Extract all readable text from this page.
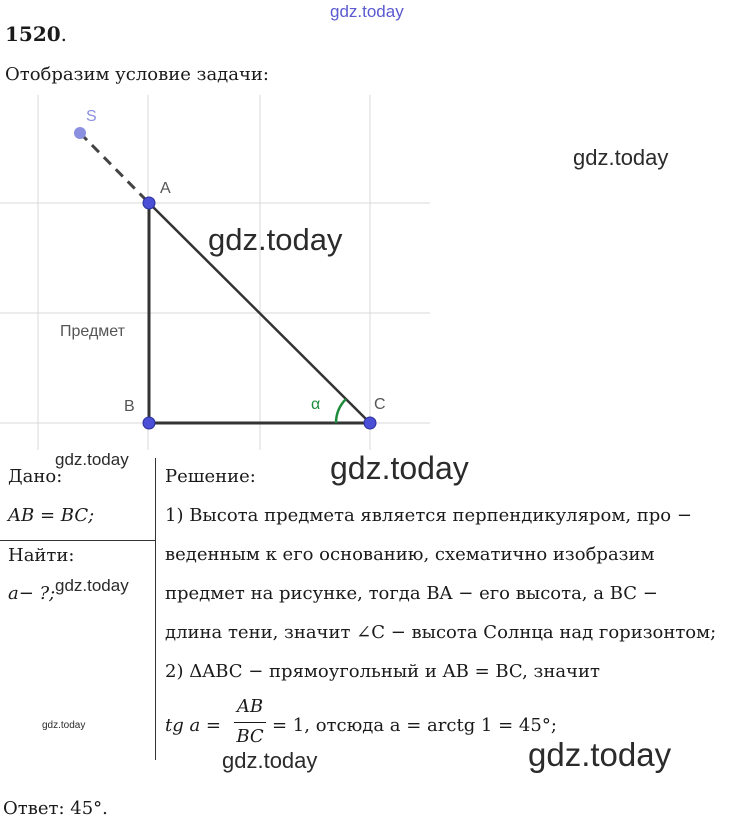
gdz.today
gdz.today
gdz.today
gdz.today	gdz.today
gdz.today
gdz.today
gdz.today	gdz.today
1520.
Отобразим условие задачи:
S
A
B	C
α
Предмет
Дано:
AB = BC;
Найти:
a− ?;
Решение:
1) Высота предмета является перпендикуляром, про −
веденным к его основанию, схематично изобразим
предмет на рисунке, тогда BA − его высота, а BC −
длина тени, значит ∠C − высота Солнца над горизонтом;
2) ΔABC − прямоугольный и AB = BC, значит
tg a =
AB
BC
= 1, отсюда a = arctg 1 = 45°;
Ответ: 45°.
